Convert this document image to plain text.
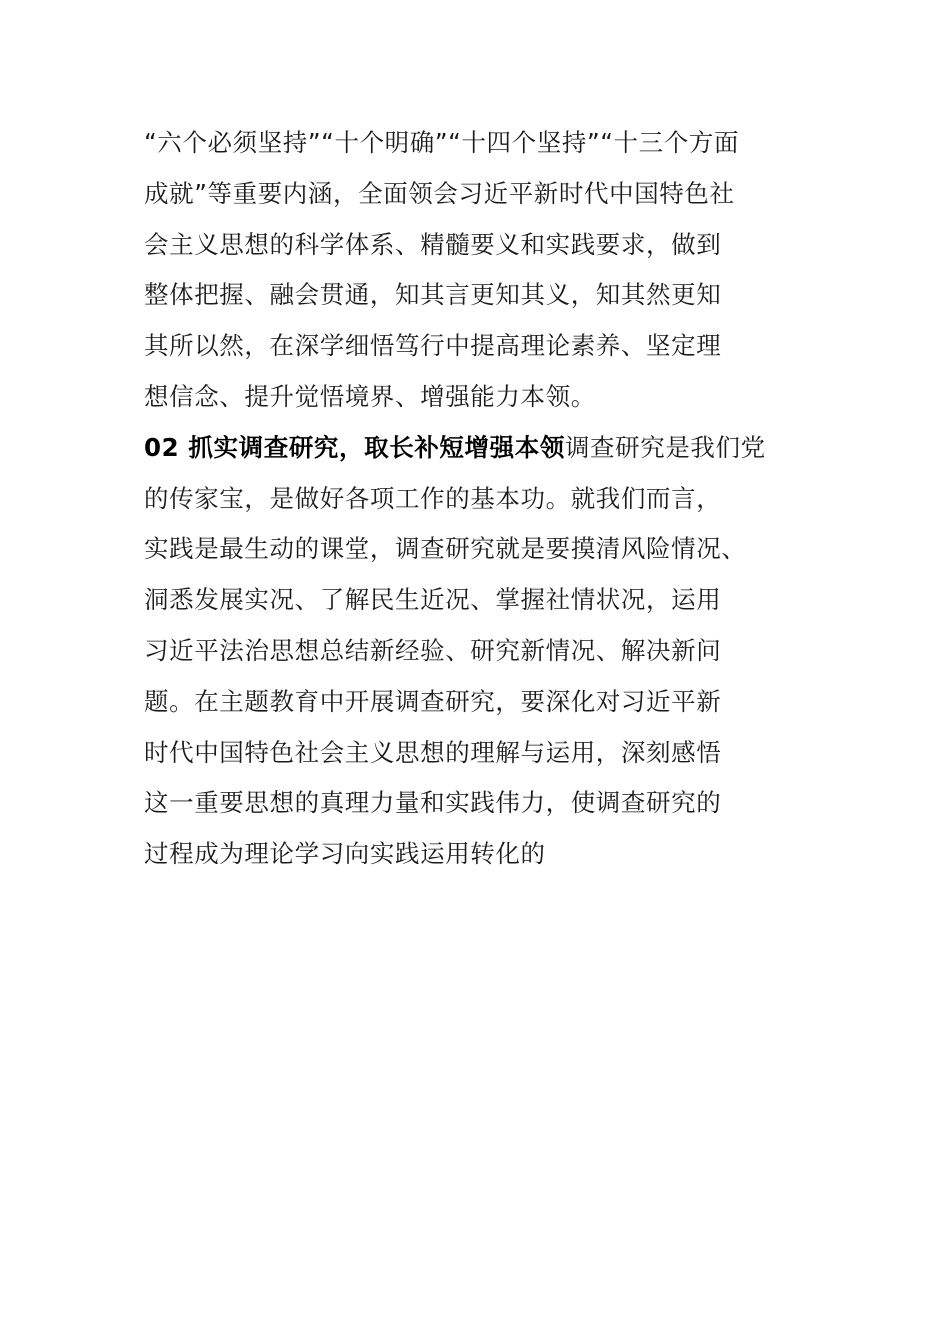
“六个必须坚持”“十个明确”“十四个坚持”“十三个方面
成就”等重要内涵，全面领会习近平新时代中国特色社
会主义思想的科学体系、精髓要义和实践要求，做到
整体把握、融会贯通，知其言更知其义，知其然更知
其所以然，在深学细悟笃行中提高理论素养、坚定理
想信念、提升觉悟境界、增强能力本领。
02 抓实调查研究，取长补短增强本领调查研究是我们党
的传家宝，是做好各项工作的基本功。就我们而言，
实践是最生动的课堂，调查研究就是要摸清风险情况、
洞悉发展实况、了解民生近况、掌握社情状况，运用
习近平法治思想总结新经验、研究新情况、解决新问
题。在主题教育中开展调查研究，要深化对习近平新
时代中国特色社会主义思想的理解与运用，深刻感悟
这一重要思想的真理力量和实践伟力，使调查研究的
过程成为理论学习向实践运用转化的
